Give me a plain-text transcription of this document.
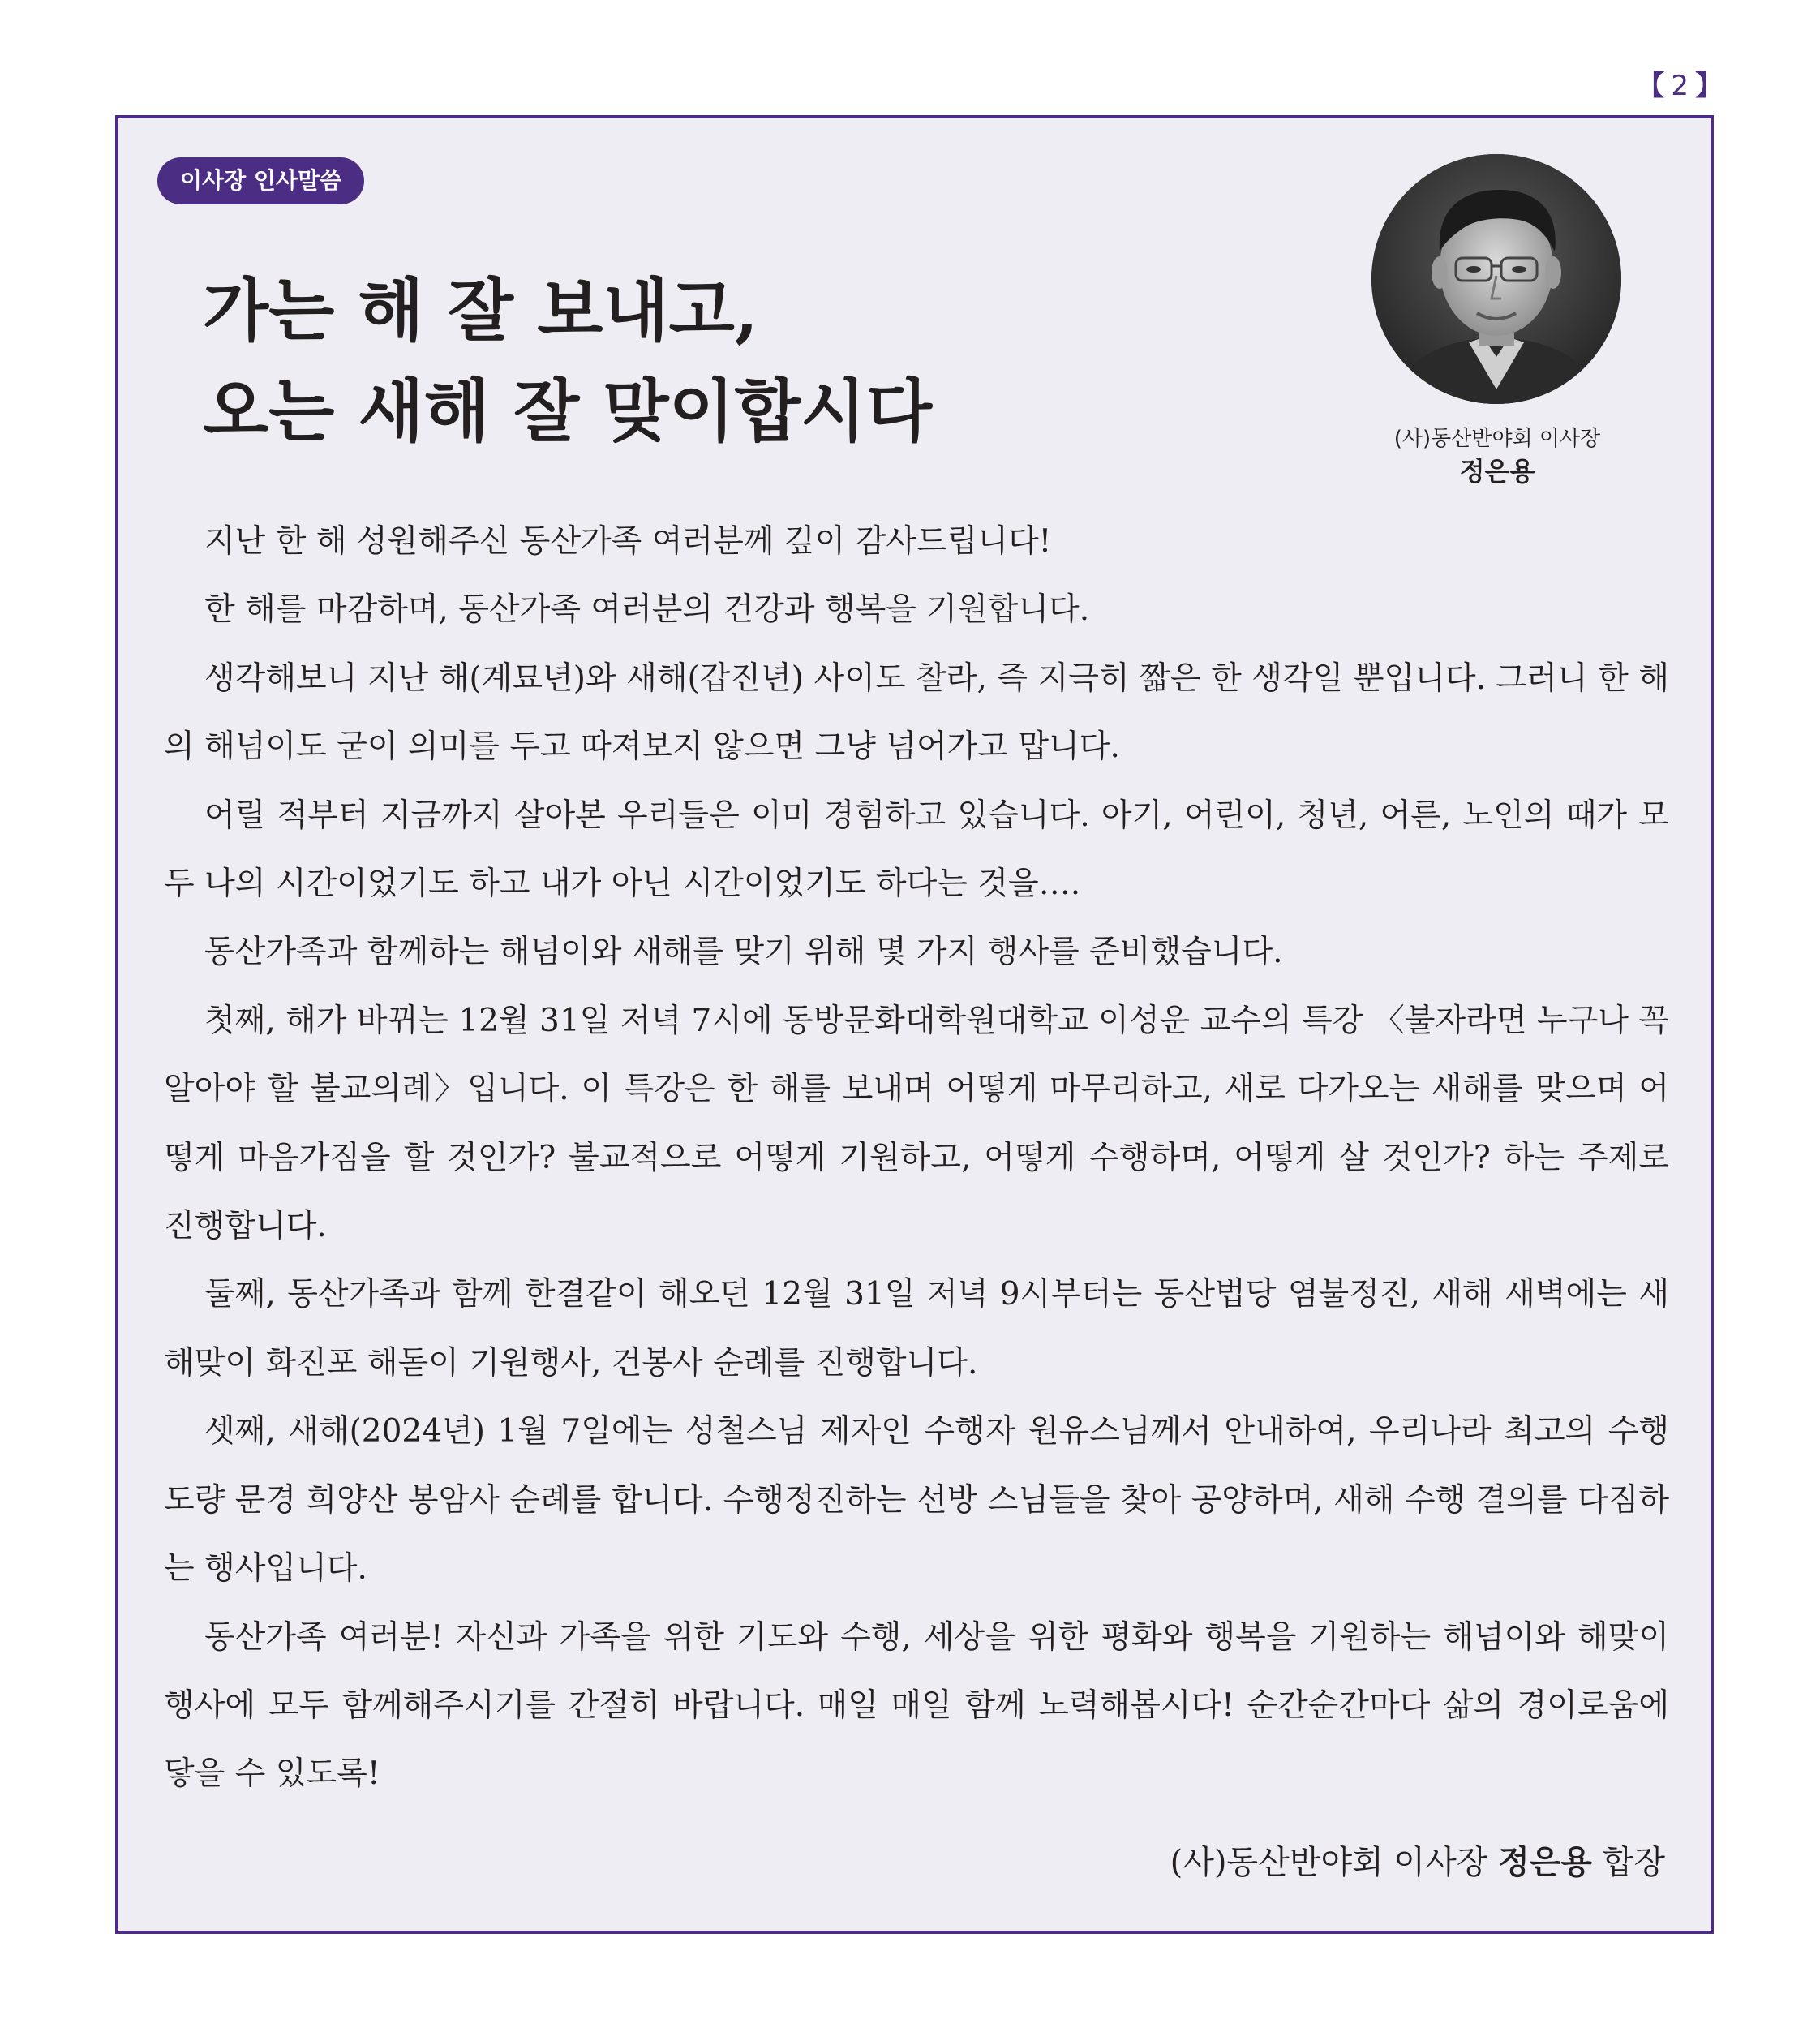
【 2 】
이사장 인사말씀
가는 해 잘 보내고,
오는 새해 잘 맞이합시다	(사)동산반야회 이사장
정은용

지난 한 해 성원해주신 동산가족 여러분께 깊이 감사드립니다!

한 해를 마감하며, 동산가족 여러분의 건강과 행복을 기원합니다.

생각해보니 지난 해(계묘년)와 새해(갑진년) 사이도 찰라, 즉 지극히 짧은 한 생각일 뿐입니다. 그러니 한 해의 해넘이도 굳이 의미를 두고 따져보지 않으면 그냥 넘어가고 맙니다.

어릴 적부터 지금까지 살아본 우리들은 이미 경험하고 있습니다. 아기, 어린이, 청년, 어른, 노인의 때가 모두 나의 시간이었기도 하고 내가 아닌 시간이었기도 하다는 것을….

동산가족과 함께하는 해넘이와 새해를 맞기 위해 몇 가지 행사를 준비했습니다.

첫째, 해가 바뀌는 12월 31일 저녁 7시에 동방문화대학원대학교 이성운 교수의 특강 〈불자라면 누구나 꼭 알아야 할 불교의례〉입니다. 이 특강은 한 해를 보내며 어떻게 마무리하고, 새로 다가오는 새해를 맞으며 어떻게 마음가짐을 할 것인가? 불교적으로 어떻게 기원하고, 어떻게 수행하며, 어떻게 살 것인가? 하는 주제로 진행합니다.

둘째, 동산가족과 함께 한결같이 해오던 12월 31일 저녁 9시부터는 동산법당 염불정진, 새해 새벽에는 새해맞이 화진포 해돋이 기원행사, 건봉사 순례를 진행합니다.

셋째, 새해(2024년) 1월 7일에는 성철스님 제자인 수행자 원유스님께서 안내하여, 우리나라 최고의 수행도량 문경 희양산 봉암사 순례를 합니다. 수행정진하는 선방 스님들을 찾아 공양하며, 새해 수행 결의를 다짐하는 행사입니다.

동산가족 여러분! 자신과 가족을 위한 기도와 수행, 세상을 위한 평화와 행복을 기원하는 해넘이와 해맞이 행사에 모두 함께해주시기를 간절히 바랍니다. 매일 매일 함께 노력해봅시다! 순간순간마다 삶의 경이로움에 닿을 수 있도록!

(사)동산반야회 이사장 정은용 합장
